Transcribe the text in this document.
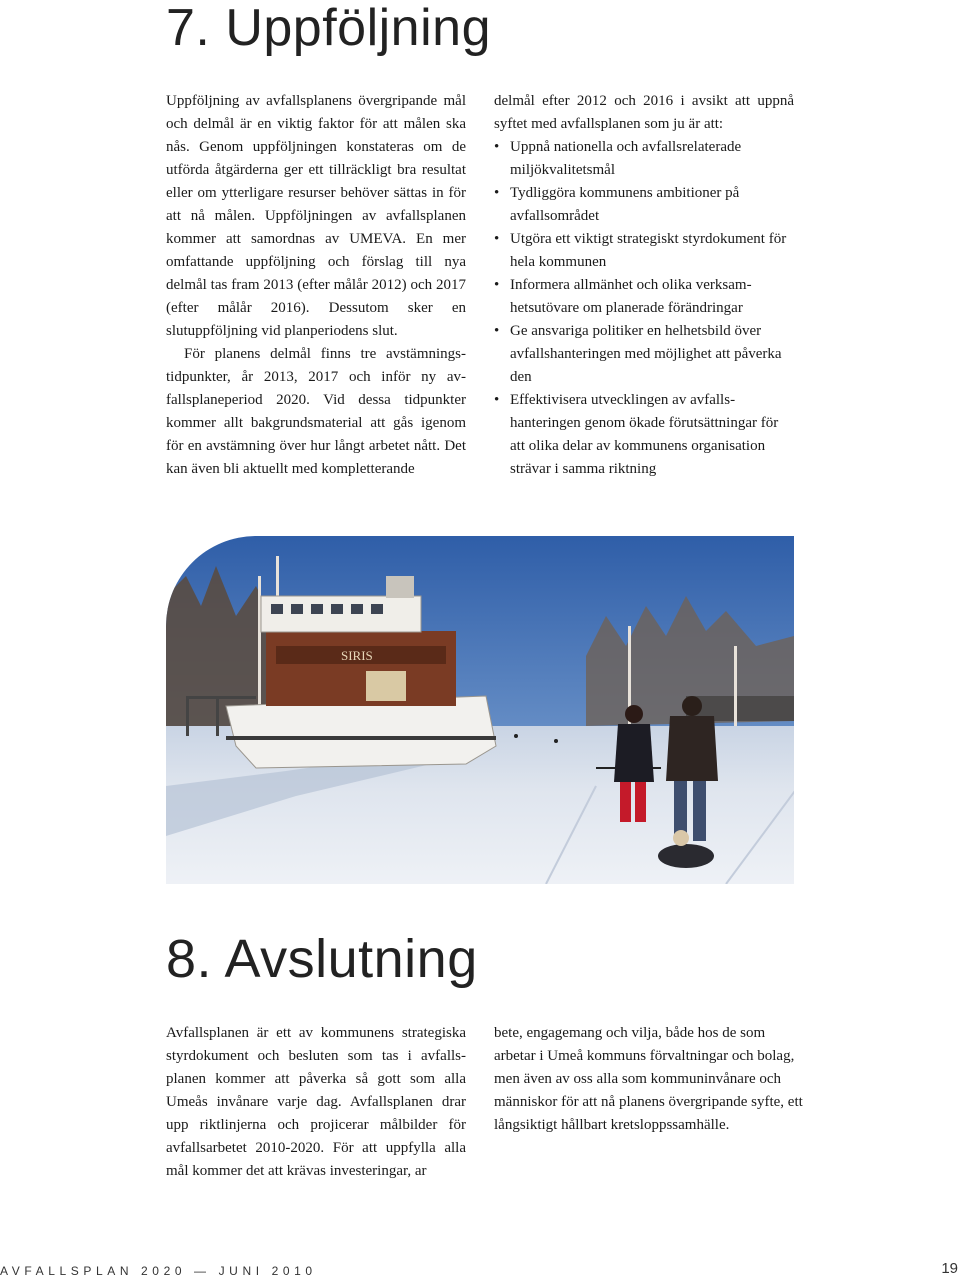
7. Uppföljning

Uppföljning av avfallsplanens övergripande mål och delmål är en viktig faktor för att målen ska nås. Genom uppföljningen konstateras om de utförda åtgärderna ger ett tillräckligt bra resultat eller om ytterligare resurser behöver sättas in för att nå målen. Uppföljningen av avfallsplanen kommer att samordnas av UMEVA. En mer omfattande uppföljning och förslag till nya delmål tas fram 2013 (efter målår 2012) och 2017 (efter målår 2016). Dessutom sker en slutuppföljning vid planperiodens slut.

För planens delmål finns tre avstämningstidpunkter, år 2013, 2017 och inför ny avfallsplaneperiod 2020. Vid dessa tidpunkter kommer allt bakgrundsmaterial att gås igenom för en avstämning över hur långt arbetet nått. Det kan även bli aktuellt med kompletterande

delmål efter 2012 och 2016 i avsikt att uppnå syftet med avfallsplanen som ju är att:

• Uppnå nationella och avfallsrelaterade miljökvalitetsmål
• Tydliggöra kommunens ambitioner på avfallsområdet
• Utgöra ett viktigt strategiskt styrdokument för hela kommunen
• Informera allmänhet och olika verksamhetsutövare om planerade förändringar
• Ge ansvariga politiker en helhetsbild över avfallshanteringen med möjlighet att påverka den
• Effektivisera utvecklingen av avfallshanteringen genom ökade förutsättningar för att olika delar av kommunens organisation strävar i samma riktning
SIRIS
8. Avslutning

Avfallsplanen är ett av kommunens strategiska styrdokument och besluten som tas i avfallsplanen kommer att påverka så gott som alla Umeås invånare varje dag. Avfallsplanen drar upp riktlinjerna och projicerar målbilder för avfallsarbetet 2010-2020. För att uppfylla alla mål kommer det att krävas investeringar, ar

bete, engagemang och vilja, både hos de som arbetar i Umeå kommuns förvaltningar och bolag, men även av oss alla som kommuninvånare och människor för att nå planens övergripande syfte, ett långsiktigt hållbart kretsloppssamhälle.

AVFALLSPLAN 2020 — JUNI 2010	19
